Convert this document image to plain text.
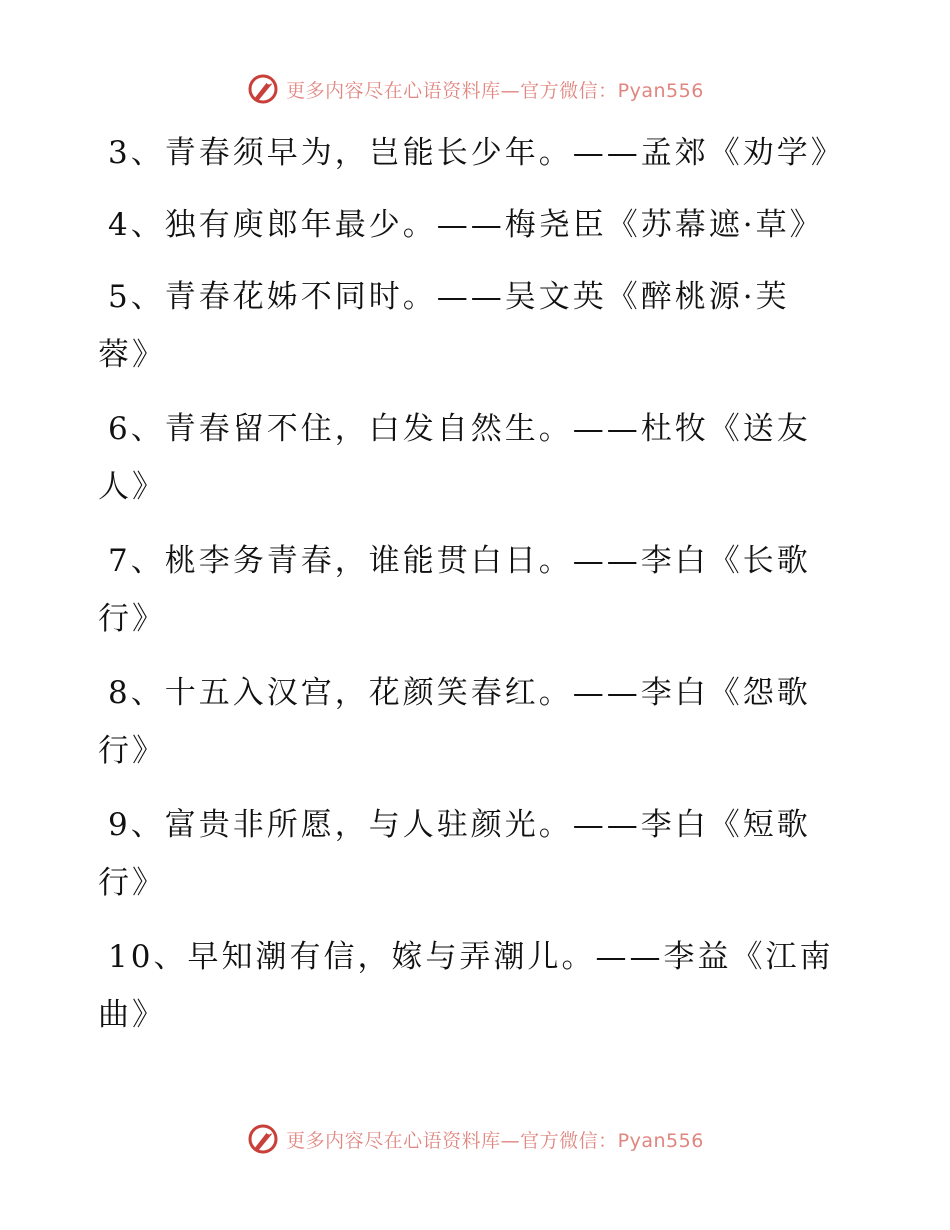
更多内容尽在心语资料库—官方微信：Pyan556

3、青春须早为，岂能长少年。——孟郊《劝学》

4、独有庾郎年最少。——梅尧臣《苏幕遮·草》

5、青春花姊不同时。——吴文英《醉桃源·芙蓉》

6、青春留不住，白发自然生。——杜牧《送友人》

7、桃李务青春，谁能贯白日。——李白《长歌行》

8、十五入汉宫，花颜笑春红。——李白《怨歌行》

9、富贵非所愿，与人驻颜光。——李白《短歌行》

10、早知潮有信，嫁与弄潮儿。——李益《江南曲》

更多内容尽在心语资料库—官方微信：Pyan556
